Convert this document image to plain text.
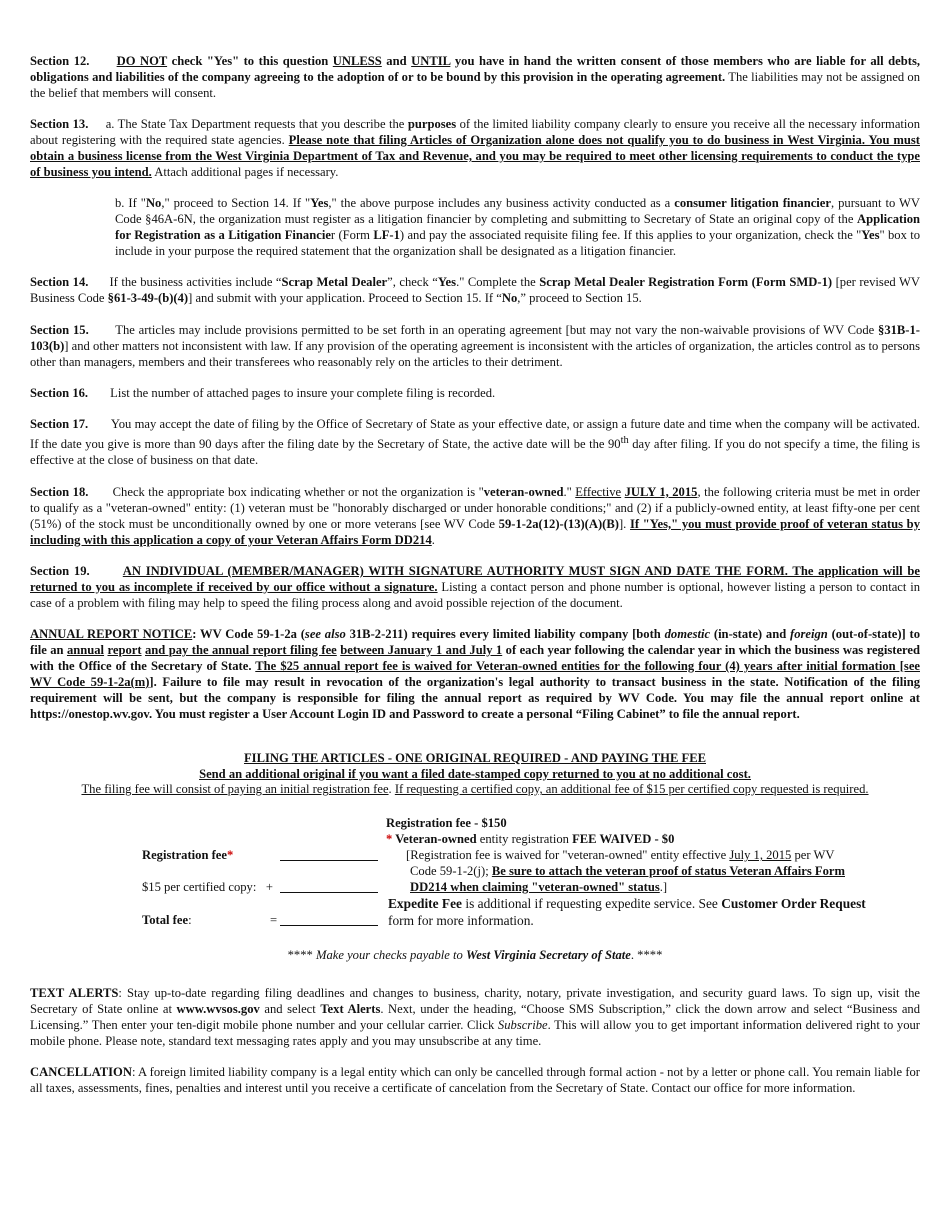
Section 12. DO NOT check "Yes" to this question UNLESS and UNTIL you have in hand the written consent of those members who are liable for all debts, obligations and liabilities of the company agreeing to the adoption of or to be bound by this provision in the operating agreement. The liabilities may not be assigned on the belief that members will consent.

Section 13. a. The State Tax Department requests that you describe the purposes of the limited liability company clearly to ensure you receive all the necessary information about registering with the required state agencies. Please note that filing Articles of Organization alone does not qualify you to do business in West Virginia. You must obtain a business license from the West Virginia Department of Tax and Revenue, and you may be required to meet other licensing requirements to conduct the type of business you intend. Attach additional pages if necessary.

b. If "No," proceed to Section 14. If "Yes," the above purpose includes any business activity conducted as a consumer litigation financier, pursuant to WV Code §46A-6N, the organization must register as a litigation financier by completing and submitting to Secretary of State an original copy of the Application for Registration as a Litigation Financier (Form LF-1) and pay the associated requisite filing fee. If this applies to your organization, check the "Yes" box to include in your purpose the required statement that the organization shall be designated as a litigation financier.

Section 14.      If the business activities include “Scrap Metal Dealer”, check “Yes." Complete the Scrap Metal Dealer Registration Form (Form SMD-1) [per revised WV Business Code §61-3-49-(b)(4)] and submit with your application. Proceed to Section 15. If “No,” proceed to Section 15.

Section 15. The articles may include provisions permitted to be set forth in an operating agreement [but may not vary the non-waivable provisions of WV Code §31B-1-103(b)] and other matters not inconsistent with law. If any provision of the operating agreement is inconsistent with the articles of organization, the articles control as to persons other than managers, members and their transferees who reasonably rely on the articles to their detriment.

Section 16. List the number of attached pages to insure your complete filing is recorded.

Section 17. You may accept the date of filing by the Office of Secretary of State as your effective date, or assign a future date and time when the company will be activated. If the date you give is more than 90 days after the filing date by the Secretary of State, the active date will be the 90th day after filing. If you do not specify a time, the filing is effective at the close of business on that date.

Section 18. Check the appropriate box indicating whether or not the organization is "veteran-owned." Effective JULY 1, 2015, the following criteria must be met in order to qualify as a "veteran-owned" entity: (1) veteran must be "honorably discharged or under honorable conditions;" and (2) if a publicly-owned entity, at least fifty-one per cent (51%) of the stock must be unconditionally owned by one or more veterans [see WV Code 59-1-2a(12)-(13)(A)(B)]. If "Yes," you must provide proof of veteran status by including with this application a copy of your Veteran Affairs Form DD214.

Section 19.	AN INDIVIDUAL (MEMBER/MANAGER) WITH SIGNATURE AUTHORITY MUST SIGN AND DATE THE FORM. The application will be returned to you as incomplete if received by our office without a signature. Listing a contact person and phone number is optional, however listing a person to contact in case of a problem with filing may help to speed the filing process along and avoid possible rejection of the document.

ANNUAL REPORT NOTICE: WV Code 59-1-2a (see also 31B-2-211) requires every limited liability company [both domestic (in-state) and foreign (out-of-state)] to file an annual report and pay the annual report filing fee between January 1 and July 1 of each year following the calendar year in which the business was registered with the Office of the Secretary of State. The $25 annual report fee is waived for Veteran-owned entities for the following four (4) years after initial formation [see WV Code 59-1-2a(m)]. Failure to file may result in revocation of the organization's legal authority to transact business in the state. Notification of the filing requirement will be sent, but the company is responsible for filing the annual report as required by WV Code. You may file the annual report online at https://onestop.wv.gov. You must register a User Account Login ID and Password to create a personal “Filing Cabinet” to file the annual report.

FILING THE ARTICLES - ONE ORIGINAL REQUIRED - AND PAYING THE FEE

Send an additional original if you want a filed date-stamped copy returned to you at no additional cost.

The filing fee will consist of paying an initial registration fee. If requesting a certified copy, an additional fee of $15 per certified copy requested is required.

Registration fee - $150
* Veteran-owned entity registration FEE WAIVED - $0
Registration fee*	[Registration fee is waived for "veteran-owned" entity effective July 1, 2015 per WV
Code 59-1-2(j); Be sure to attach the veteran proof of status Veteran Affairs Form
DD214 when claiming "veteran-owned" status.]
$15 per certified copy: +
Expedite Fee is additional if requesting expedite service. See Customer Order Request
form for more information.
Total fee:	=

**** Make your checks payable to West Virginia Secretary of State. ****

TEXT ALERTS: Stay up-to-date regarding filing deadlines and changes to business, charity, notary, private investigation, and security guard laws. To sign up, visit the Secretary of State online at www.wvsos.gov and select Text Alerts. Next, under the heading, “Choose SMS Subscription,” click the down arrow and select “Business and Licensing.” Then enter your ten-digit mobile phone number and your cellular carrier. Click Subscribe. This will allow you to get important information delivered right to your mobile phone. Please note, standard text messaging rates apply and you may unsubscribe at any time.

CANCELLATION: A foreign limited liability company is a legal entity which can only be cancelled through formal action - not by a letter or phone call. You remain liable for all taxes, assessments, fines, penalties and interest until you receive a certificate of cancelation from the Secretary of State. Contact our office for more information.
